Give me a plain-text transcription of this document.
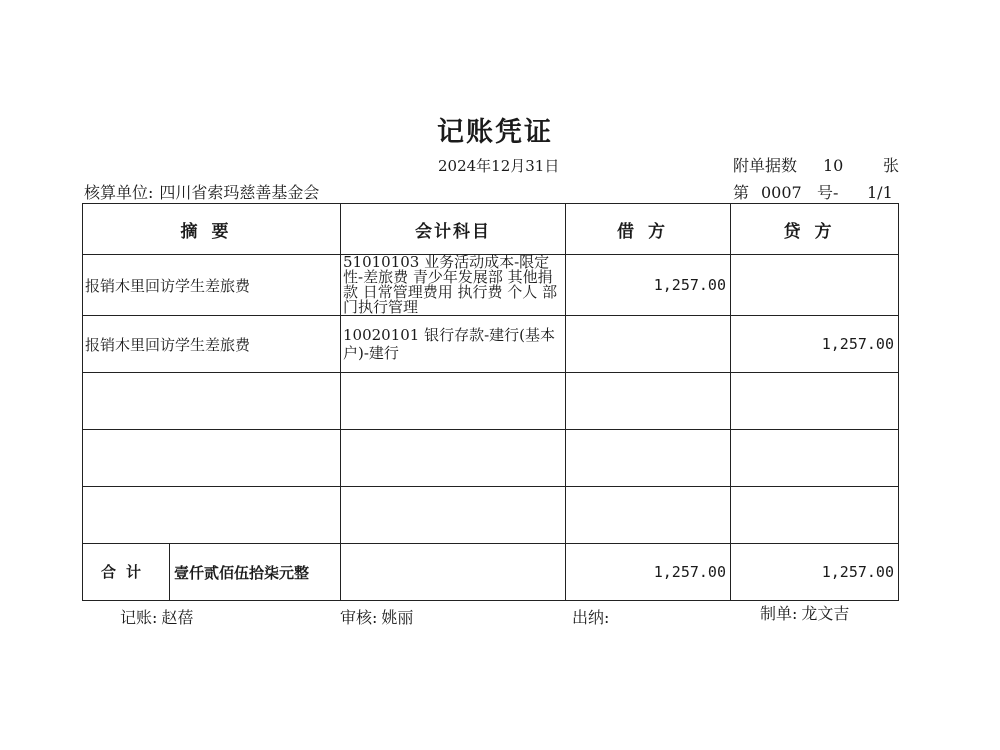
记账凭证
2024年12月31日	附单据数 10 张
核算单位: 四川省索玛慈善基金会	第 0007 号- 1/1
摘要	会计科目	借方	贷方
报销木里回访学生差旅费	51010103 业务活动成本-限定性-差旅费 青少年发展部 其他捐款 日常管理费用 执行费 个人 部门执行管理	1,257.00	
报销木里回访学生差旅费	10020101 银行存款-建行(基本户)-建行		1,257.00

合计 壹仟贰佰伍拾柒元整		1,257.00	1,257.00
记账: 赵蓓	审核: 姚丽	出纳:	制单: 龙文吉
